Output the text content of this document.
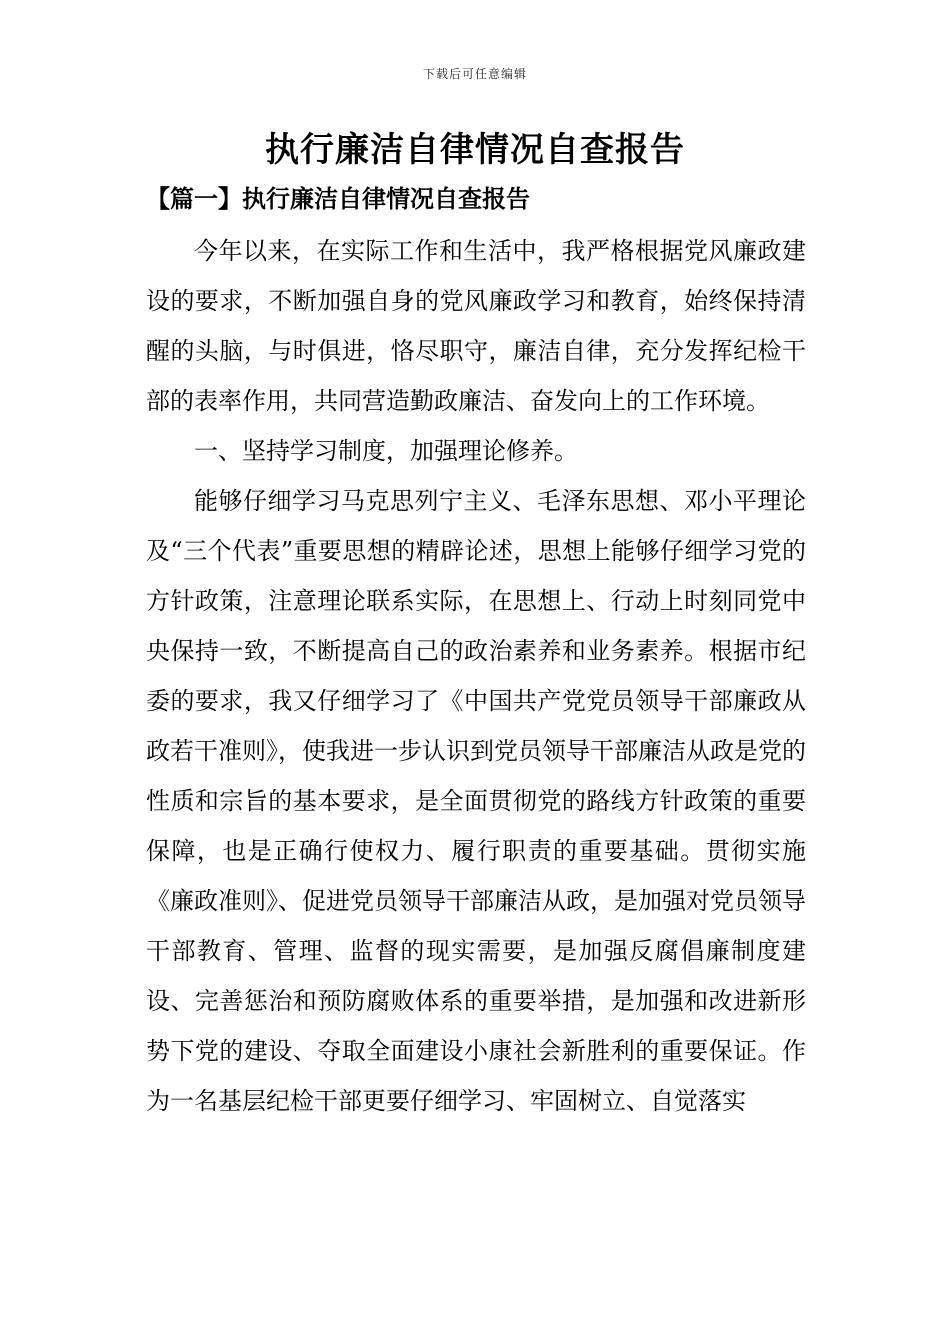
下载后可任意编辑
执行廉洁自律情况自查报告
【篇一】执行廉洁自律情况自查报告

今年以来，在实际工作和生活中，我严格根据党风廉政建设的要求，不断加强自身的党风廉政学习和教育，始终保持清醒的头脑，与时俱进，恪尽职守，廉洁自律，充分发挥纪检干部的表率作用，共同营造勤政廉洁、奋发向上的工作环境。

一、坚持学习制度，加强理论修养。

能够仔细学习马克思列宁主义、毛泽东思想、邓小平理论及“三个代表”重要思想的精辟论述，思想上能够仔细学习党的方针政策，注意理论联系实际，在思想上、行动上时刻同党中央保持一致，不断提高自己的政治素养和业务素养。根据市纪委的要求，我又仔细学习了《中国共产党党员领导干部廉政从政若干准则》，使我进一步认识到党员领导干部廉洁从政是党的性质和宗旨的基本要求，是全面贯彻党的路线方针政策的重要保障，也是正确行使权力、履行职责的重要基础。贯彻实施《廉政准则》、促进党员领导干部廉洁从政，是加强对党员领导干部教育、管理、监督的现实需要，是加强反腐倡廉制度建设、完善惩治和预防腐败体系的重要举措，是加强和改进新形势下党的建设、夺取全面建设小康社会新胜利的重要保证。作为一名基层纪检干部更要仔细学习、牢固树立、自觉落实
